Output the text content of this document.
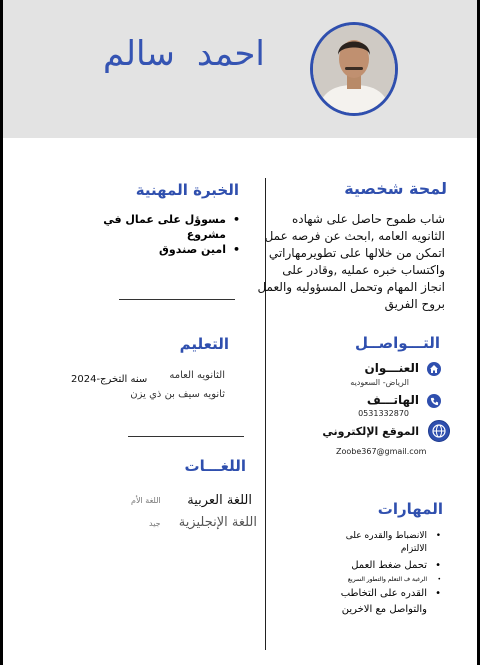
احمدسالم
لمحة شخصية
شاب طموح حاصل على شهاده الثانويه العامه ,ابحث عن فرصه عمل اتمكن من خلالها على تطويرمهاراتي واكتساب خبره عمليه ,وقادر على انجاز المهام وتحمل المسؤوليه والعمل بروح الفريق
التـــواصــل
العنـــوان
الرياض- السعوديه
الهاتـــف
0531332870
الموقع الإلكتروني
Zoobe367@gmail.com
المهارات
• الانضباط والقدره على الالتزام
• تحمل ضغط العمل
• الرغبة ف التعلم والتطور السريع
• القدره على التخاطب والتواصل مع الاخرين
الخبرة المهنية
• مسوؤل على عمال في مشروع
• امين صندوق
التعليم
الثانويه العامه
سنه التخرج-2024
ثانويه سيف بن ذي يزن
اللغـــات
اللغة العربية
اللغة الأم
اللغة الإنجليزية
جيد
